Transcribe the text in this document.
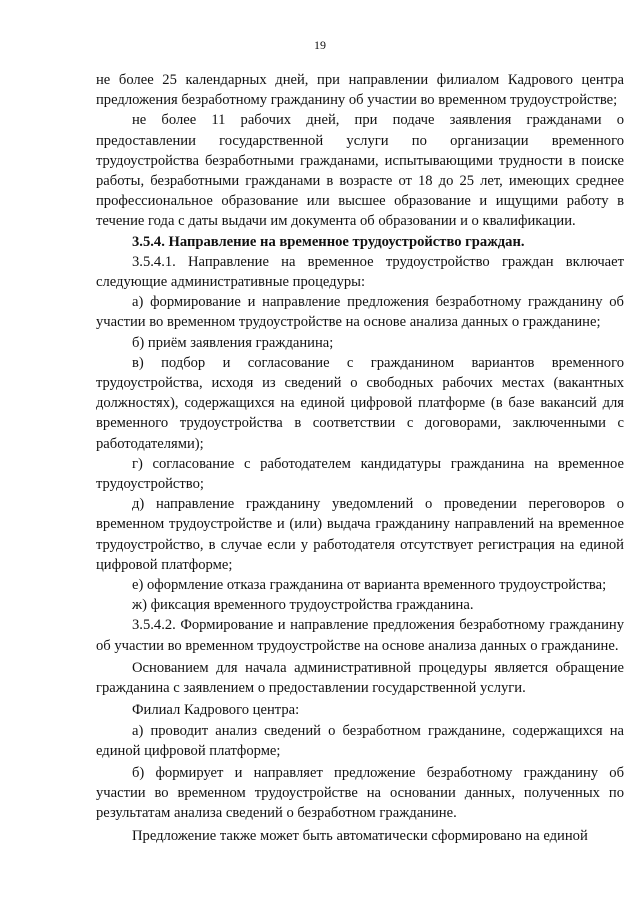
19

не более 25 календарных дней, при направлении филиалом Кадрового центра предложения безработному гражданину об участии во временном трудоустройстве;

не более 11 рабочих дней, при подаче заявления гражданами о предоставлении государственной услуги по организации временного трудоустройства безработными гражданами, испытывающими трудности в поиске работы, безработными гражданами в возрасте от 18 до 25 лет, имеющих среднее профессиональное образование или высшее образование и ищущими работу в течение года с даты выдачи им документа об образовании и о квалификации.

3.5.4. Направление на временное трудоустройство граждан.

3.5.4.1. Направление на временное трудоустройство граждан включает следующие административные процедуры:

а) формирование и направление предложения безработному гражданину об участии во временном трудоустройстве на основе анализа данных о гражданине;

б) приём заявления гражданина;

в) подбор и согласование с гражданином вариантов временного трудоустройства, исходя из сведений о свободных рабочих местах (вакантных должностях), содержащихся на единой цифровой платформе (в базе вакансий для временного трудоустройства в соответствии с договорами, заключенными с работодателями);

г) согласование с работодателем кандидатуры гражданина на временное трудоустройство;

д) направление гражданину уведомлений о проведении переговоров о временном трудоустройстве и (или) выдача гражданину направлений на временное трудоустройство, в случае если у работодателя отсутствует регистрация на единой цифровой платформе;

е) оформление отказа гражданина от варианта временного трудоустройства;

ж) фиксация временного трудоустройства гражданина.

3.5.4.2. Формирование и направление предложения безработному гражданину об участии во временном трудоустройстве на основе анализа данных о гражданине.

Основанием для начала административной процедуры является обращение гражданина с заявлением о предоставлении государственной услуги.

Филиал Кадрового центра:

а) проводит анализ сведений о безработном гражданине, содержащихся на единой цифровой платформе;

б) формирует и направляет предложение безработному гражданину об участии во временном трудоустройстве на основании данных, полученных по результатам анализа сведений о безработном гражданине.

Предложение также может быть автоматически сформировано на единой
